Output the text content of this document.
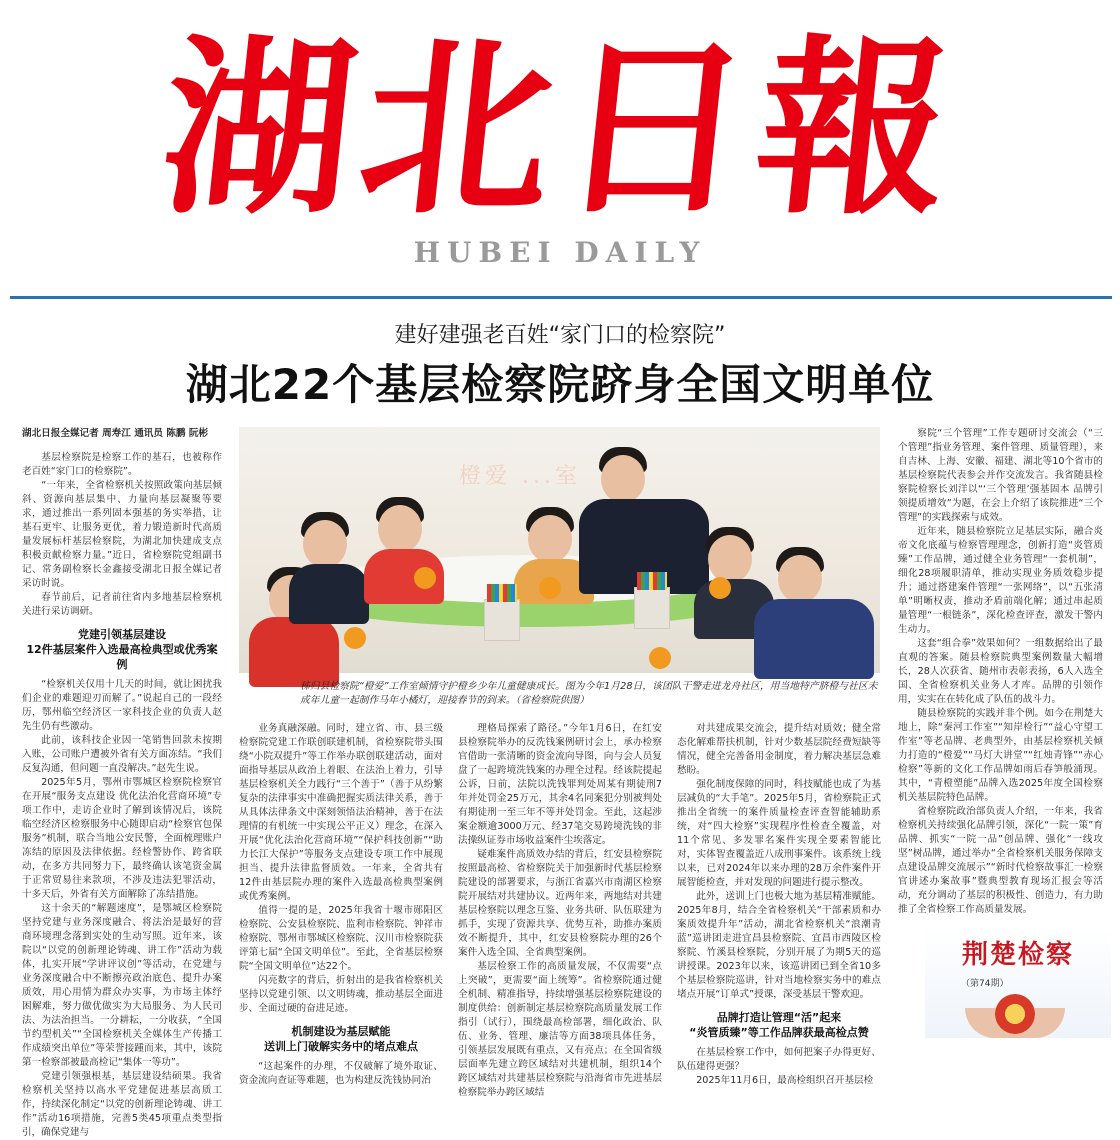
湖北日報
HUBEI DAILY
建好建强老百姓“家门口的检察院”
湖北22个基层检察院跻身全国文明单位

湖北日报全媒记者 周寿江 通讯员 陈鹏 阮彬

基层检察院是检察工作的基石，也被称作老百姓“家门口的检察院”。

“一年来，全省检察机关按照政策向基层倾斜、资源向基层集中、力量向基层凝聚等要求，通过推出一系列固本强基的务实举措，让基石更牢、让服务更优，着力锻造新时代高质量发展标杆基层检察院，为湖北加快建成支点积极贡献检察力量。”近日，省检察院党组副书记、常务副检察长金鑫接受湖北日报全媒记者采访时说。

春节前后，记者前往省内多地基层检察机关进行采访调研。

党建引领基层建设
12件基层案件入选最高检典型或优秀案例

“检察机关仅用十几天的时间，就让困扰我们企业的难题迎刃而解了。”说起自己的一段经历，鄂州临空经济区一家科技企业的负责人赵先生仍有些激动。

此前，该科技企业因一笔销售回款未按期入账，公司账户遭被外省有关方面冻结。“我们反复沟通，但问题一直没解决。”赵先生说。

2025年5月，鄂州市鄂城区检察院检察官在开展“服务支点建设 优化法治化营商环境”专项工作中，走访企业时了解到该情况后，该院临空经济区检察服务中心随即启动“检察官包保服务”机制，联合当地公安民警，全面梳理账户冻结的原因及法律依据。经检警协作、跨省联动，在多方共同努力下，最终确认该笔资金属于正常贸易往来款项，不涉及违法犯罪活动，十多天后，外省有关方面解除了冻结措施。

这十余天的“解题速度”，是鄂城区检察院坚持党建与业务深度融合、将法治是最好的营商环境理念落到实处的生动写照。近年来，该院以“以党的创新理论铸魂、讲工作”活动为载体，扎实开展“学讲评议创”等活动，在党建与业务深度融合中不断擦亮政治底色、提升办案质效，用心用情为群众办实事，为市场主体纾困解难，努力做优做实为大局服务、为人民司法、为法治担当。一分耕耘，一分收获，“全国节约型机关”“全国检察机关全媒体生产传播工作成绩突出单位”等荣誉接踵而来，其中，该院第一检察部被最高检记“集体一等功”。

党建引领强根基，基层建设结硕果。我省检察机关坚持以高水平党建促进基层高质工作，持续深化制定“以党的创新理论铸魂、讲工作”活动16项措施，完善5类45项重点类型指引，确保党建与

橙爱 ...室
秭归县检察院“橙爱”工作室倾情守护橙乡少年儿童健康成长。图为今年1月28日，该团队干警走进龙舟社区，用当地特产脐橙与社区未成年儿童一起制作马年小橘灯，迎接春节的到来。（省检察院供图）

业务真融深融。同时，建立省、市、县三级检察院党建工作联创联建机制，省检察院带头围绕“小院双提升”等工作举办联创联建活动，面对面指导基层从政治上着眼、在法治上着力，引导基层检察机关全力践行“三个善于”（善于从纷繁复杂的法律事实中准确把握实质法律关系，善于从具体法律条文中深刻领悟法治精神，善于在法理情的有机统一中实现公平正义）理念，在深入开展“优化法治化营商环境”“保护科技创新”“助力长江大保护”等服务支点建设专项工作中展现担当、提升法律监督质效。一年来，全省共有12件由基层院办理的案件入选最高检典型案例或优秀案例。

值得一提的是，2025年我省十堰市郧阳区检察院、公安县检察院、监利市检察院、钟祥市检察院、鄂州市鄂城区检察院、汉川市检察院获评第七届“全国文明单位”。至此，全省基层检察院“全国文明单位”达22个。

闪亮数字的背后，折射出的是我省检察机关坚持以党建引领、以文明铸魂，推动基层全面进步、全面过硬的奋进足迹。

机制建设为基层赋能
送训上门破解实务中的堵点难点

“这起案件的办理，不仅破解了境外取证、资金流向查证等难题，也为构建反洗钱协同治

理格局探索了路径。”今年1月6日，在红安县检察院举办的反洗钱案例研讨会上，承办检察官借助一张清晰的资金流向导图，向与会人员复盘了一起跨境洗钱案的办理全过程。经该院提起公诉，日前，法院以洗钱罪判处周某有期徒刑7年并处罚金25万元，其余4名同案犯分别被判处有期徒刑一至三年不等并处罚金。至此，这起涉案金额逾3000万元、经37笔交易跨境洗钱的非法操纵证券市场收益案件尘埃落定。

疑难案件高质效办结的背后，红安县检察院按照最高检、省检察院关于加强新时代基层检察院建设的部署要求，与浙江省嘉兴市南湖区检察院开展结对共建协议。近两年来，两地结对共建基层检察院以理念互鉴、业务共研、队伍联建为抓手，实现了资源共享、优势互补，助推办案质效不断提升，其中，红安县检察院办理的26个案件入选全国、全省典型案例。

基层检察工作的高质量发展，不仅需要“点上突破”，更需要“面上统筹”。省检察院通过健全机制、精准指导，持续增强基层检察院建设的制度供给：创新制定基层检察院高质量发展工作指引（试行），围绕最高检部署，细化政治、队伍、业务、管理、廉洁等方面38项具体任务，引领基层发展既有重点，又有亮点；在全国省级层面率先建立跨区域结对共建机制，组织14个跨区域结对共建基层检察院与沿海省市先进基层检察院举办跨区域结

对共建成果交流会，提升结对质效；健全常态化解难帮扶机制，针对少数基层院经费短缺等情况，健全完善备用金制度，着力解决基层急难愁盼。

强化制度保障的同时，科技赋能也成了为基层减负的“大手笔”。2025年5月，省检察院正式推出全省统一的案件质量检查评查智能辅助系统，对“四大检察”实现程序性检查全覆盖，对11个常见、多发罪名案件实现全要素智能比对，实体智查覆盖近八成刑事案件。该系统上线以来，已对2024年以来办理的28万余件案件开展智能检查，并对发现的问题进行提示整改。

此外，送训上门也极大地为基层精准赋能。2025年8月，结合全省检察机关“干部素质和办案质效提升年”活动，湖北省检察机关“浪潮青蓝”巡讲团走进宜昌县检察院、宜昌市西陵区检察院、竹溪县检察院，分别开展了为期5天的巡讲授课。2023年以来，该巡讲团已到全省10多个基层检察院巡讲，针对当地检察实务中的难点堵点开展“订单式”授课，深受基层干警欢迎。

品牌打造让管理“活”起来
“炎管质臻”等工作品牌获最高检点赞

在基层检察工作中，如何把案子办得更好、队伍建得更强？

2025年11月6日，最高检组织召开基层检

察院“三个管理”工作专题研讨交流会（“三个管理”指业务管理、案件管理、质量管理），来自吉林、上海、安徽、福建、湖北等10个省市的基层检察院代表参会并作交流发言。我省随县检察院检察长刘洋以“‘三个管理’强基固本 品牌引领提质增效”为题，在会上介绍了该院推进“三个管理”的实践探索与成效。

近年来，随县检察院立足基层实际，融合炎帝文化底蕴与检察管理理念，创新打造“炎管质臻”工作品牌，通过健全业务管理“一套机制”，细化28项履职清单，推动实现业务质效稳步提升；通过搭建案件管理“一张网络”，以“五张清单”明晰权责，推动矛盾前端化解；通过串起质量管理“一根链条”，深化检查评查，激发干警内生动力。

这套“组合拳”效果如何？一组数据给出了最直观的答案。随县检察院典型案例数量大幅增长，28人次获省、随州市表彰表扬，6人入选全国、全省检察机关业务人才库。品牌的引领作用，实实在在转化成了队伍的战斗力。

随县检察院的实践并非个例。如今在荆楚大地上，除“秦河工作室”“知岸检行”“益心守望工作室”等老品牌、老典型外，由基层检察机关倾力打造的“橙爱”“马灯大讲堂”“红烛青锋”“赤心检察”等新的文化工作品牌如雨后春笋般涌现。其中，“青橙塑能”品牌入选2025年度全国检察机关基层院特色品牌。

省检察院政治部负责人介绍，一年来，我省检察机关持续强化品牌引领，深化“一院一策”育品牌、抓实“一院一品”创品牌、强化“一线攻坚”树品牌，通过举办“全省检察机关服务保障支点建设品牌交流展示”“新时代检察故事汇一检察官讲述办案故事”暨典型教育现场汇报会等活动，充分调动了基层的积极性、创造力，有力助推了全省检察工作高质量发展。

荆楚检察
（第74期）
